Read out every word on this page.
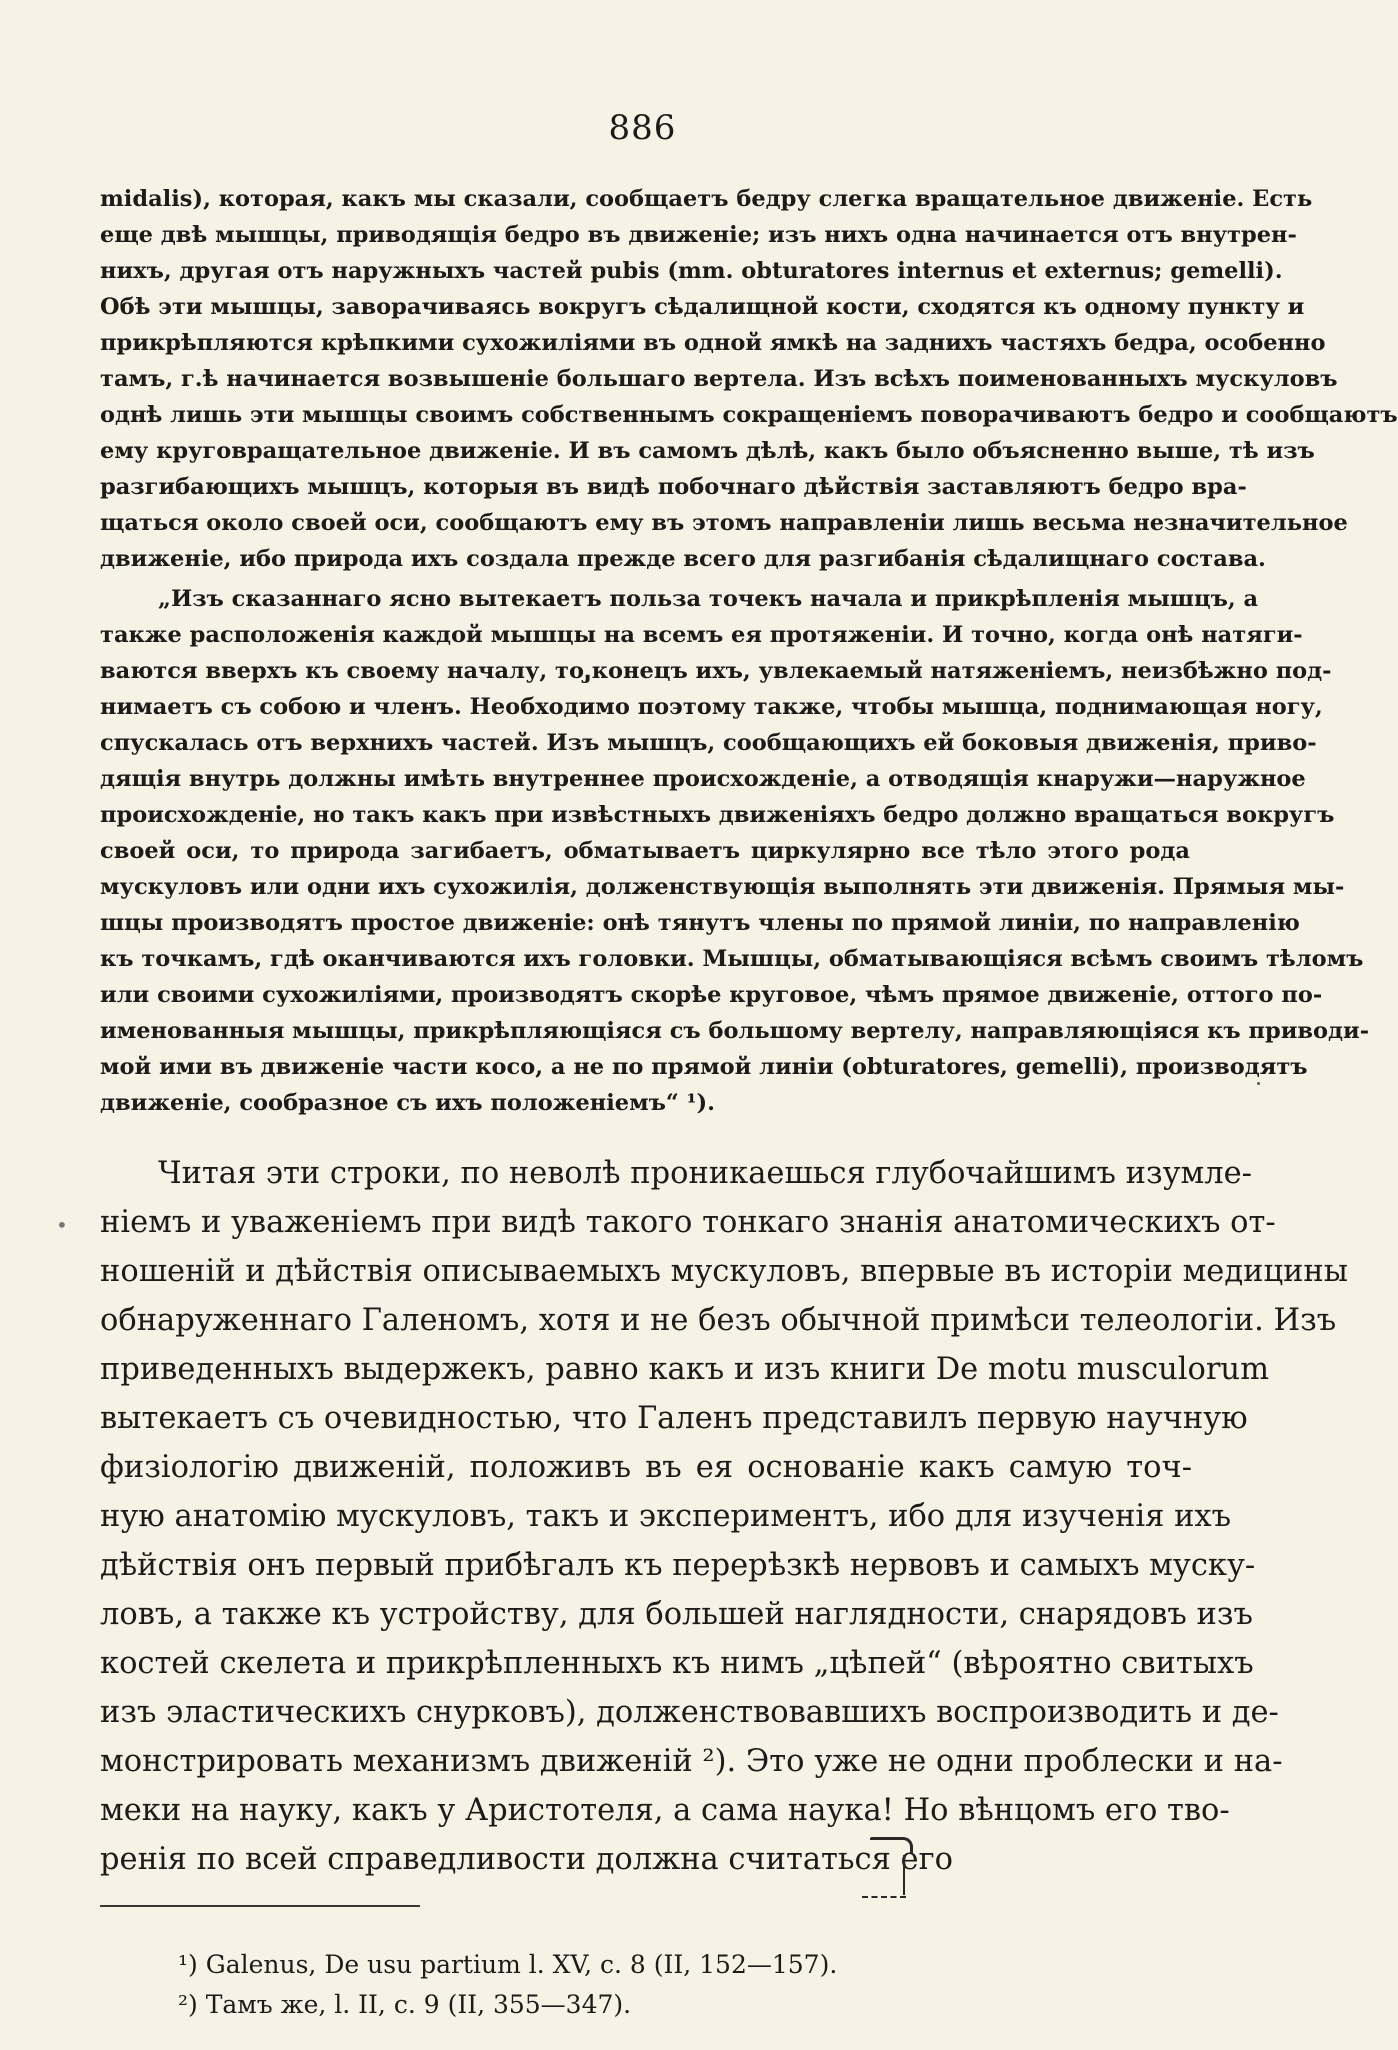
886
midalis), которая, какъ мы сказали, сообщаетъ бедру слегка вращательное движеніе. Есть
еще двѣ мышцы, приводящія бедро въ движеніе; изъ нихъ одна начинается отъ внутрен-
нихъ, другая отъ наружныхъ частей pubis (mm. obturatores internus et externus; gemelli).
Обѣ эти мышцы, заворачиваясь вокругъ сѣдалищной кости, сходятся къ одному пункту и
прикрѣпляются крѣпкими сухожиліями въ одной ямкѣ на заднихъ частяхъ бедра, особенно
тамъ, г.ѣ начинается возвышеніе большаго вертела. Изъ всѣхъ поименованныхъ мускуловъ
однѣ лишь эти мышцы своимъ собственнымъ сокращеніемъ поворачиваютъ бедро и сообщаютъ
ему круговращательное движеніе. И въ самомъ дѣлѣ, какъ было объясненно выше, тѣ изъ
разгибающихъ мышцъ, которыя въ видѣ побочнаго дѣйствія заставляютъ бедро вра-
щаться около своей оси, сообщаютъ ему въ этомъ направленіи лишь весьма незначительное
движеніе, ибо природа ихъ создала прежде всего для разгибанія сѣдалищнаго состава.
„Изъ сказаннаго ясно вытекаетъ польза точекъ начала и прикрѣпленія мышцъ, а
также расположенія каждой мышцы на всемъ ея протяженіи. И точно, когда онѣ натяги-
ваются вверхъ къ своему началу, то ̡конецъ ихъ, увлекаемый натяженіемъ, неизбѣжно под-
нимаетъ съ собою и членъ. Необходимо поэтому также, чтобы мышца, поднимающая ногу,
спускалась отъ верхнихъ частей. Изъ мышцъ, сообщающихъ ей боковыя движенія, приво-
дящія внутрь должны имѣть внутреннее происхожденіе, а отводящія кнаружи—наружное
происхожденіе, но такъ какъ при извѣстныхъ движеніяхъ бедро должно вращаться вокругъ
своей оси, то природа загибаетъ, обматываетъ циркулярно все тѣло этого рода
мускуловъ или одни ихъ сухожилія, долженствующія выполнять эти движенія. Прямыя мы-
шцы производятъ простое движеніе: онѣ тянутъ члены по прямой линіи, по направленію
къ точкамъ, гдѣ оканчиваются ихъ головки. Мышцы, обматывающіяся всѣмъ своимъ тѣломъ
или своими сухожиліями, производятъ скорѣе круговое, чѣмъ прямое движеніе, оттого по-
именованныя мышцы, прикрѣпляющіяся съ большому вертелу, направляющіяся къ приводи-
мой ими въ движеніе части косо, а не по прямой линіи (obturatores, gemelli), производятъ
движеніе, сообразное съ ихъ положеніемъ“ ¹).
Читая эти строки, по неволѣ проникаешься глубочайшимъ изумле-
ніемъ и уваженіемъ при видѣ такого тонкаго знанія анатомическихъ от-
ношеній и дѣйствія описываемыхъ мускуловъ, впервые въ исторіи медицины
обнаруженнаго Галеномъ, хотя и не безъ обычной примѣси телеологіи. Изъ
приведенныхъ выдержекъ, равно какъ и изъ книги De motu musculorum
вытекаетъ съ очевидностью, что Галенъ представилъ первую научную
физіологію движеній, положивъ въ ея основаніе какъ самую точ-
ную анатомію мускуловъ, такъ и экспериментъ, ибо для изученія ихъ
дѣйствія онъ первый прибѣгалъ къ перерѣзкѣ нервовъ и самыхъ муску-
ловъ, а также къ устройству, для большей наглядности, снарядовъ изъ
костей скелета и прикрѣпленныхъ къ нимъ „цѣпей“ (вѣроятно свитыхъ
изъ эластическихъ снурковъ), долженствовавшихъ воспроизводить и де-
монстрировать механизмъ движеній ²). Это уже не одни проблески и на-
меки на науку, какъ у Аристотеля, а сама наука! Но вѣнцомъ его тво-
ренія по всей справедливости должна считаться его
¹) Galenus, De usu partium l. XV, c. 8 (II, 152—157).
²) Тамъ же, l. II, c. 9 (II, 355—347).
•
